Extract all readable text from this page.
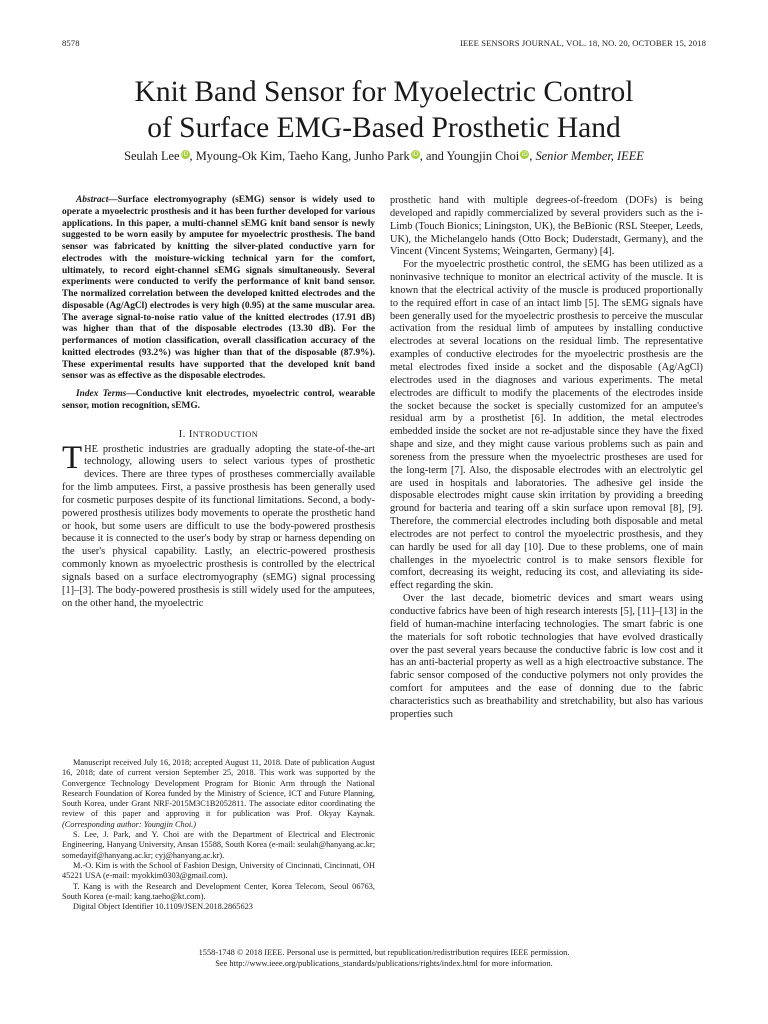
8578	IEEE SENSORS JOURNAL, VOL. 18, NO. 20, OCTOBER 15, 2018
Knit Band Sensor for Myoelectric Control
of Surface EMG-Based Prosthetic Hand
Seulah Lee iD, Myoung-Ok Kim, Taeho Kang, Junho Park iD, and Youngjin Choi iD, Senior Member, IEEE

Abstract—Surface electromyography (sEMG) sensor is widely used to operate a myoelectric prosthesis and it has been further developed for various applications. In this paper, a multi-channel sEMG knit band sensor is newly suggested to be worn easily by amputee for myoelectric prosthesis. The band sensor was fabricated by knitting the silver-plated conductive yarn for electrodes with the moisture-wicking technical yarn for the comfort, ultimately, to record eight-channel sEMG signals simultaneously. Several experiments were conducted to verify the performance of knit band sensor. The normalized correlation between the developed knitted electrodes and the disposable (Ag/AgCl) electrodes is very high (0.95) at the same muscular area. The average signal-to-noise ratio value of the knitted electrodes (17.91 dB) was higher than that of the disposable electrodes (13.30 dB). For the performances of motion classification, overall classification accuracy of the knitted electrodes (93.2%) was higher than that of the disposable (87.9%). These experimental results have supported that the developed knit band sensor was as effective as the disposable electrodes.

Index Terms—Conductive knit electrodes, myoelectric control, wearable sensor, motion recognition, sEMG.

I. INTRODUCTION

THE prosthetic industries are gradually adopting the state-of-the-art technology, allowing users to select various types of prosthetic devices. There are three types of prostheses commercially available for the limb amputees. First, a passive prosthesis has been generally used for cosmetic purposes despite of its functional limitations. Second, a body-powered prosthesis utilizes body movements to operate the prosthetic hand or hook, but some users are difficult to use the body-powered prosthesis because it is connected to the user's body by strap or harness depending on the user's physical capability. Lastly, an electric-powered prosthesis commonly known as myoelectric prosthesis is controlled by the electrical signals based on a surface electromyography (sEMG) signal processing [1]–[3]. The body-powered prosthesis is still widely used for the amputees, on the other hand, the myoelectric

Manuscript received July 16, 2018; accepted August 11, 2018. Date of publication August 16, 2018; date of current version September 25, 2018. This work was supported by the Convergence Technology Development Program for Bionic Arm through the National Research Foundation of Korea funded by the Ministry of Science, ICT and Future Planning, South Korea, under Grant NRF-2015M3C1B2052811. The associate editor coordinating the review of this paper and approving it for publication was Prof. Okyay Kaynak. (Corresponding author: Youngjin Choi.)

S. Lee, J. Park, and Y. Choi are with the Department of Electrical and Electronic Engineering, Hanyang University, Ansan 15588, South Korea (e-mail: seulah@hanyang.ac.kr; somedayif@hanyang.ac.kr; cyj@hanyang.ac.kr).

M.-O. Kim is with the School of Fashion Design, University of Cincinnati, Cincinnati, OH 45221 USA (e-mail: myokkim0303@gmail.com).

T. Kang is with the Research and Development Center, Korea Telecom, Seoul 06763, South Korea (e-mail: kang.taeho@kt.com).

Digital Object Identifier 10.1109/JSEN.2018.2865623

prosthetic hand with multiple degrees-of-freedom (DOFs) is being developed and rapidly commercialized by several providers such as the i-Limb (Touch Bionics; Liningston, UK), the BeBionic (RSL Steeper, Leeds, UK), the Michelangelo hands (Otto Bock; Duderstadt, Germany), and the Vincent (Vincent Systems; Weingarten, Germany) [4].

For the myoelectric prosthetic control, the sEMG has been utilized as a noninvasive technique to monitor an electrical activity of the muscle. It is known that the electrical activity of the muscle is produced proportionally to the required effort in case of an intact limb [5]. The sEMG signals have been generally used for the myoelectric prosthesis to perceive the muscular activation from the residual limb of amputees by installing conductive electrodes at several locations on the residual limb. The representative examples of conductive electrodes for the myoelectric prosthesis are the metal electrodes fixed inside a socket and the disposable (Ag/AgCl) electrodes used in the diagnoses and various experiments. The metal electrodes are difficult to modify the placements of the electrodes inside the socket because the socket is specially customized for an amputee's residual arm by a prosthetist [6]. In addition, the metal electrodes embedded inside the socket are not re-adjustable since they have the fixed shape and size, and they might cause various problems such as pain and soreness from the pressure when the myoelectric prostheses are used for the long-term [7]. Also, the disposable electrodes with an electrolytic gel are used in hospitals and laboratories. The adhesive gel inside the disposable electrodes might cause skin irritation by providing a breeding ground for bacteria and tearing off a skin surface upon removal [8], [9]. Therefore, the commercial electrodes including both disposable and metal electrodes are not perfect to control the myoelectric prosthesis, and they can hardly be used for all day [10]. Due to these problems, one of main challenges in the myoelectric control is to make sensors flexible for comfort, decreasing its weight, reducing its cost, and alleviating its side-effect regarding the skin.

Over the last decade, biometric devices and smart wears using conductive fabrics have been of high research interests [5], [11]–[13] in the field of human-machine interfacing technologies. The smart fabric is one the materials for soft robotic technologies that have evolved drastically over the past several years because the conductive fabric is low cost and it has an anti-bacterial property as well as a high electroactive substance. The fabric sensor composed of the conductive polymers not only provides the comfort for amputees and the ease of donning due to the fabric characteristics such as breathability and stretchability, but also has various properties such

1558-1748 © 2018 IEEE. Personal use is permitted, but republication/redistribution requires IEEE permission.
See http://www.ieee.org/publications_standards/publications/rights/index.html for more information.
